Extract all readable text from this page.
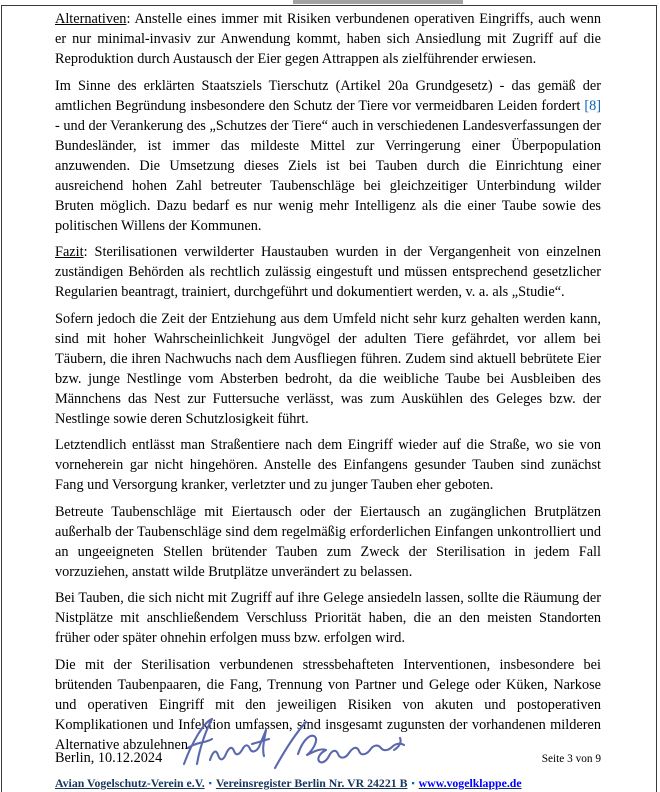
Alternativen: Anstelle eines immer mit Risiken verbundenen operativen Eingriffs, auch wenn er nur minimal-invasiv zur Anwendung kommt, haben sich Ansiedlung mit Zugriff auf die Reproduktion durch Austausch der Eier gegen Attrappen als zielführender erwiesen.

Im Sinne des erklärten Staatsziels Tierschutz (Artikel 20a Grundgesetz) - das gemäß der amtlichen Begründung insbesondere den Schutz der Tiere vor vermeidbaren Leiden fordert [8] - und der Verankerung des „Schutzes der Tiere“ auch in verschiedenen Landesverfassungen der Bundesländer, ist immer das mildeste Mittel zur Verringerung einer Überpopulation anzuwenden. Die Umsetzung dieses Ziels ist bei Tauben durch die Einrichtung einer ausreichend hohen Zahl betreuter Taubenschläge bei gleichzeitiger Unterbindung wilder Bruten möglich. Dazu bedarf es nur wenig mehr Intelligenz als die einer Taube sowie des politischen Willens der Kommunen.

Fazit: Sterilisationen verwilderter Haustauben wurden in der Vergangenheit von einzelnen zuständigen Behörden als rechtlich zulässig eingestuft und müssen entsprechend gesetzlicher Regularien beantragt, trainiert, durchgeführt und dokumentiert werden, v. a. als „Studie“.

Sofern jedoch die Zeit der Entziehung aus dem Umfeld nicht sehr kurz gehalten werden kann, sind mit hoher Wahrscheinlichkeit Jungvögel der adulten Tiere gefährdet, vor allem bei Täubern, die ihren Nachwuchs nach dem Ausfliegen führen. Zudem sind aktuell bebrütete Eier bzw. junge Nestlinge vom Absterben bedroht, da die weibliche Taube bei Ausbleiben des Männchens das Nest zur Futtersuche verlässt, was zum Auskühlen des Geleges bzw. der Nestlinge sowie deren Schutzlosigkeit führt.

Letztendlich entlässt man Straßentiere nach dem Eingriff wieder auf die Straße, wo sie von vorneherein gar nicht hingehören. Anstelle des Einfangens gesunder Tauben sind zunächst Fang und Versorgung kranker, verletzter und zu junger Tauben eher geboten.

Betreute Taubenschläge mit Eiertausch oder der Eiertausch an zugänglichen Brutplätzen außerhalb der Taubenschläge sind dem regelmäßig erforderlichen Einfangen unkontrolliert und an ungeeigneten Stellen brütender Tauben zum Zweck der Sterilisation in jedem Fall vorzuziehen, anstatt wilde Brutplätze unverändert zu belassen.

Bei Tauben, die sich nicht mit Zugriff auf ihre Gelege ansiedeln lassen, sollte die Räumung der Nistplätze mit anschließendem Verschluss Priorität haben, die an den meisten Standorten früher oder später ohnehin erfolgen muss bzw. erfolgen wird.

Die mit der Sterilisation verbundenen stressbehafteten Interventionen, insbesondere bei brütenden Taubenpaaren, die Fang, Trennung von Partner und Gelege oder Küken, Narkose und operativen Eingriff mit den jeweiligen Risiken von akuten und postoperativen Komplikationen und Infektion umfassen, sind insgesamt zugunsten der vorhandenen milderen Alternative abzulehnen.

Berlin, 10.12.2024	Seite 3 von 9
Avian Vogelschutz-Verein e.V. ▪ Vereinsregister Berlin Nr. VR 24221 B ▪ www.vogelklappe.de
